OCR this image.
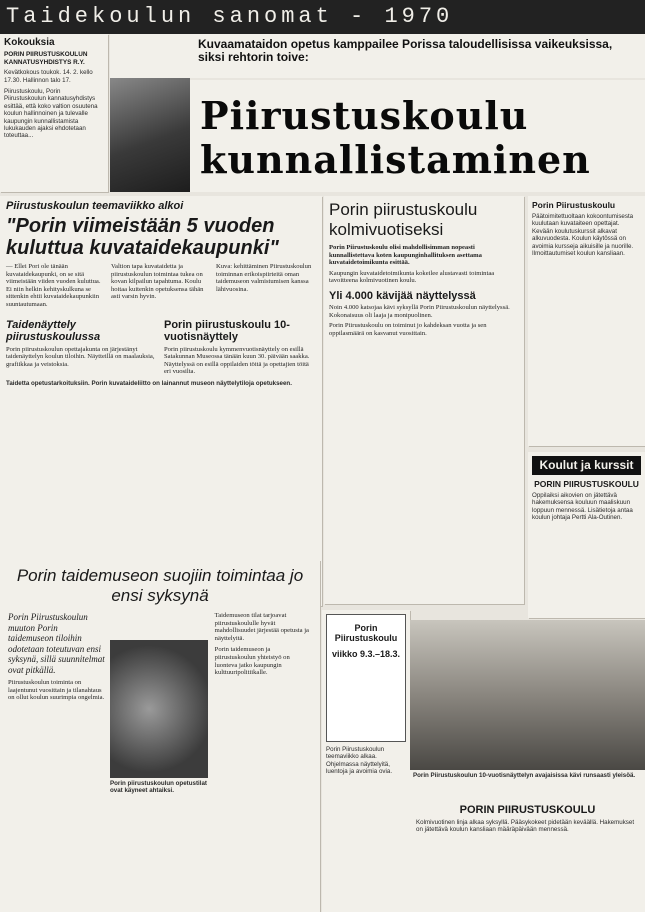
Taidekoulun sanomat - 1970
Kokouksia
PORIN PIIRUSTUSKOULUN KANNATUSYHDISTYS R.Y.
Kevätkokous toukok. 14. 2. kello 17.30. Hallinnon talo 17.
Piirustuskoulu, Porin Piirustuskoulun kannatusyhdistys esittää, että koko valtion osuutena koulun hallinnoinen ja tulevalle kaupungin kunnallistamista lukukauden ajaksi ehdotetaan toteuttaa...
Kuvaamataidon opetus kamppailee Porissa taloudellisissa vaikeuksissa, siksi rehtorin toive:
Piirustuskoulu kunnallistaminen
Piirustuskoulun teemaviikko alkoi
"Porin viimeistään 5 vuoden kuluttua kuvataidekaupunki"
— Ellei Pori ole tänään kuvataidekaupunki, on se sitä viimeistään viiden vuoden kuluttua. Ei niin helkin kehityskulkuna se sittenkin ehtii kuvataidekaupunkiin suuntautumaan.
Valtion tapa kuvataidetta ja piirustuskoulun toimintaa tukea on kovan kilpailun tapahtuma. Koulu hoitaa kuitenkin opetuksensa tähän asti varsin hyvin.
Kuva: kehittäminen Piirustuskoulun toiminnan erikoispiirteitä oman taidemuseon valmistumisen kanssa lähivuosina.
Taidenäyttely piirustuskoulussa
Porin piirustuskoulun opettajakunta on järjestänyt taidenäyttelyn koulun tiloihin. Näytteillä on maalauksia, grafiikkaa ja veistoksia.
Porin piirustuskoulu 10-vuotisnäyttely
Porin piirustuskoulu kymmenvuotisnäyttely on esillä Satakunnan Museossa tänään kuun 30. päivään saakka. Näyttelyssä on esillä oppilaiden töitä ja opettajien töitä eri vuosilta.
Taidetta opetustarkoituksiin. Porin kuvataideliitto on lainannut museon näyttelytiloja opetukseen.
Porin piirustuskoulu kolmivuotiseksi
Porin Piirustuskoulu olisi mahdollisimman nopeasti kunnallistettava koten kaupunginhallituksen asettama kuvataidetoimikunta esittää.
Kaupungin kuvataidetoimikunta kokeilee alustavasti toimintaa tavoitteena kolmivuotinen koulu.
Yli 4.000 kävijää näyttelyssä
Noin 4.000 katsojaa kävi syksyllä Porin Piirustuskoulun näyttelyssä. Kokonaisuus oli laaja ja monipuolinen.
Porin Piirustuskoulu on toiminut jo kahdeksan vuotta ja sen oppilasmäärä on kasvanut vuosittain.
Porin Piirustuskoulu
Päätoimitettuoltaan kokoontumisesta kuulutaan kuvataiteen opettajat. Kevään koulutuskurssit alkavat alkuvuodesta. Koulun käytössä on avoimia kursseja aikuisille ja nuorille. Ilmoittautumiset koulun kansliaan.
Koulut ja kurssit
PORIN PIIRUSTUSKOULU
Oppilaiksi aikovien on jätettävä hakemuksensa kouluun maaliskuun loppuun mennessä. Lisätietoja antaa koulun johtaja Pertti Ala-Outinen.
Porin taidemuseon suojiin toimintaa jo ensi syksynä
Porin Piirustuskoulun muuton Porin taidemuseon tiloihin odotetaan toteutuvan ensi syksynä, sillä suunnitelmat ovat pitkällä.
Piirustuskoulun toiminta on laajentunut vuosittain ja tilanahtaus on ollut koulun suurimpia ongelmia.
Taidemuseon tilat tarjoavat piirustuskoululle hyvät mahdollisuudet järjestää opetusta ja näyttelyitä.
Porin taidemuseon ja piirustuskoulun yhteistyö on luonteva jatko kaupungin kulttuuripolitiikalle.
Porin piirustuskoulun opetustilat ovat käyneet ahtaiksi.
Porin Piirustuskoulu
viikko 9.3.–18.3.
Porin Piirustuskoulun teemaviikko alkaa. Ohjelmassa näyttelyitä, luentoja ja avoimia ovia.
Porin Piirustuskoulun 10-vuotisnäyttelyn avajaisissa kävi runsaasti yleisöä.
PORIN PIIRUSTUSKOULU
Kolmivuotinen linja alkaa syksyllä. Pääsykokeet pidetään keväällä. Hakemukset on jätettävä koulun kansliaan määräpäivään mennessä.
